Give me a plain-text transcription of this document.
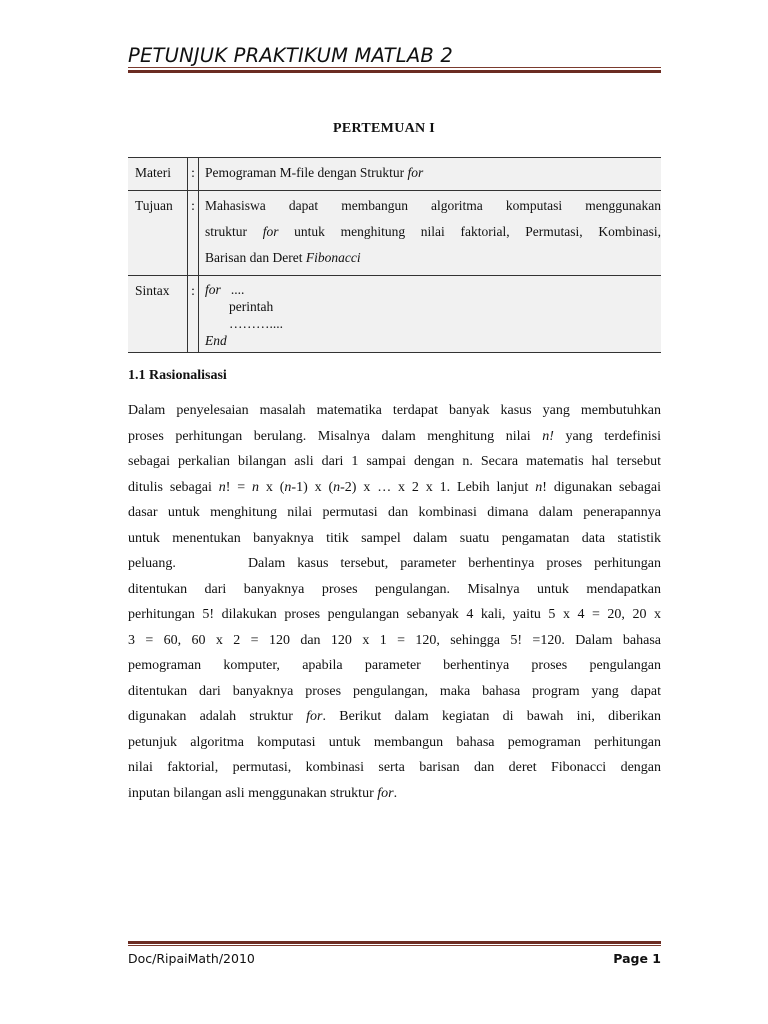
PETUNJUK PRAKTIKUM MATLAB 2
PERTEMUAN I
Materi	:	Pemograman M-file dengan Struktur for
Tujuan	:	Mahasiswa dapat membangun algoritma komputasi menggunakan
struktur for untuk menghitung nilai faktorial, Permutasi, Kombinasi,
Barisan dan Deret Fibonacci

Sintax	:	for   ....
perintah
………....
End
1.1 Rasionalisasi
Dalam penyelesaian masalah matematika terdapat banyak kasus yang membutuhkan
proses perhitungan berulang. Misalnya dalam menghitung nilai n! yang terdefinisi
sebagai perkalian bilangan asli dari 1 sampai dengan n. Secara matematis hal tersebut
ditulis sebagai n! = n x (n-1) x (n-2) x … x 2 x 1. Lebih lanjut n! digunakan sebagai
dasar untuk menghitung nilai permutasi dan kombinasi dimana dalam penerapannya
untuk menentukan banyaknya titik sampel dalam suatu pengamatan data statistik
peluang.      Dalam kasus tersebut, parameter berhentinya proses perhitungan
ditentukan dari banyaknya proses pengulangan. Misalnya untuk mendapatkan
perhitungan 5! dilakukan proses pengulangan sebanyak 4 kali, yaitu 5 x 4 = 20, 20 x
3 = 60, 60 x 2 = 120 dan 120 x 1 = 120, sehingga 5! =120. Dalam bahasa
pemograman komputer, apabila parameter berhentinya proses pengulangan
ditentukan dari banyaknya proses pengulangan, maka bahasa program yang dapat
digunakan adalah struktur for. Berikut dalam kegiatan di bawah ini, diberikan
petunjuk algoritma komputasi untuk membangun bahasa pemograman perhitungan
nilai faktorial, permutasi, kombinasi serta barisan dan deret Fibonacci dengan
inputan bilangan asli menggunakan struktur for.
Doc/RipaiMath/2010	Page 1
